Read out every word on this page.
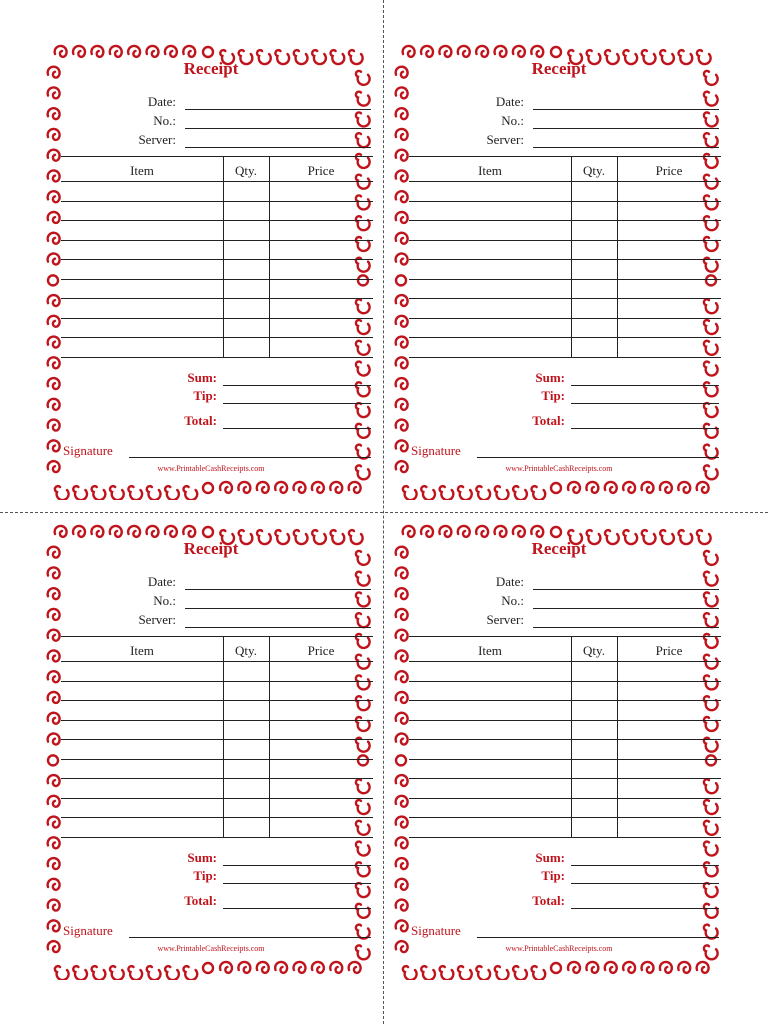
Receipt
Date:
No.:
Server:
Item	Qty.	Price
Sum:
Tip:
Total:
Signature
www.PrintableCashReceipts.com
Receipt
Date:
No.:
Server:
Item	Qty.	Price
Sum:
Tip:
Total:
Signature
www.PrintableCashReceipts.com
Receipt
Date:
No.:
Server:
Item	Qty.	Price
Sum:
Tip:
Total:
Signature
www.PrintableCashReceipts.com
Receipt
Date:
No.:
Server:
Item	Qty.	Price
Sum:
Tip:
Total:
Signature
www.PrintableCashReceipts.com
